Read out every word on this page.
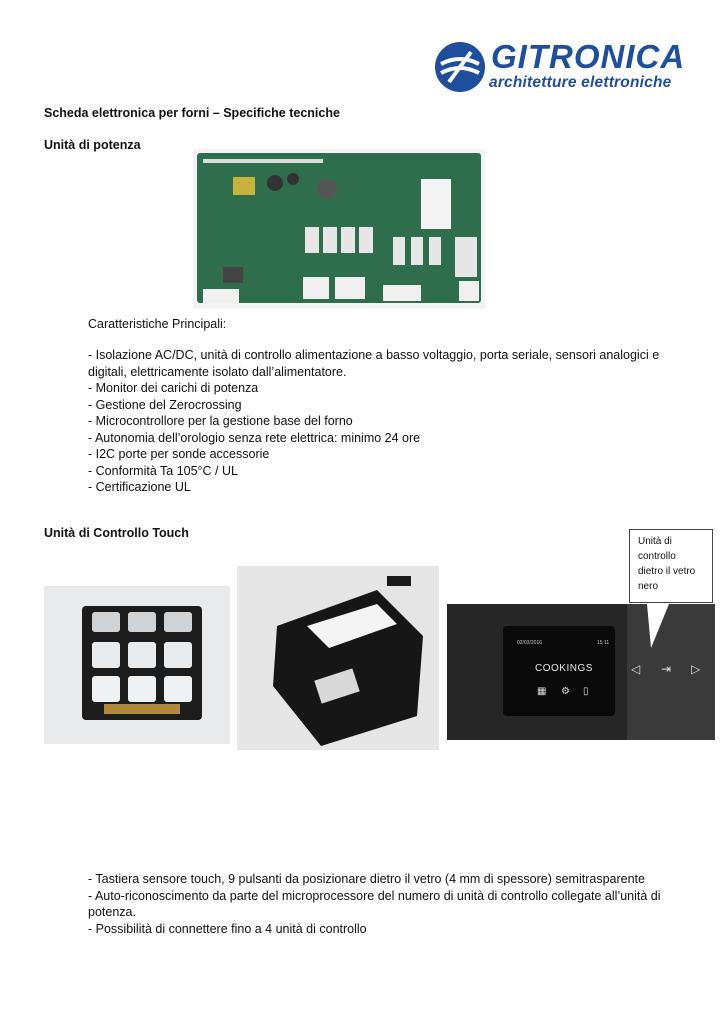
GITRONICA
architetture elettroniche
Scheda elettronica per forni – Specifiche tecniche
Unità di potenza
Caratteristiche Principali:
- Isolazione AC/DC, unità di controllo alimentazione a basso voltaggio, porta seriale, sensori analogici e
digitali, elettricamente isolato dall’alimentatore.
- Monitor dei carichi di potenza
- Gestione del Zerocrossing
- Microcontrollore per la gestione base del forno
- Autonomia dell’orologio senza rete elettrica: minimo 24 ore
- I2C porte per sonde accessorie
- Conformità Ta 105°C / UL
- Certificazione UL
Unità di Controllo Touch
Unità di
controllo
dietro il vetro
nero
02/03/2016	15:11
COOKINGS	◁ ⇥ ▷
▦ ⚙ ▯
- Tastiera sensore touch, 9 pulsanti da posizionare dietro il vetro (4 mm di spessore) semitrasparente
- Auto-riconoscimento da parte del microprocessore del numero di unità di controllo collegate all’unità di
potenza.
- Possibilità di connettere fino a 4 unità di controllo
